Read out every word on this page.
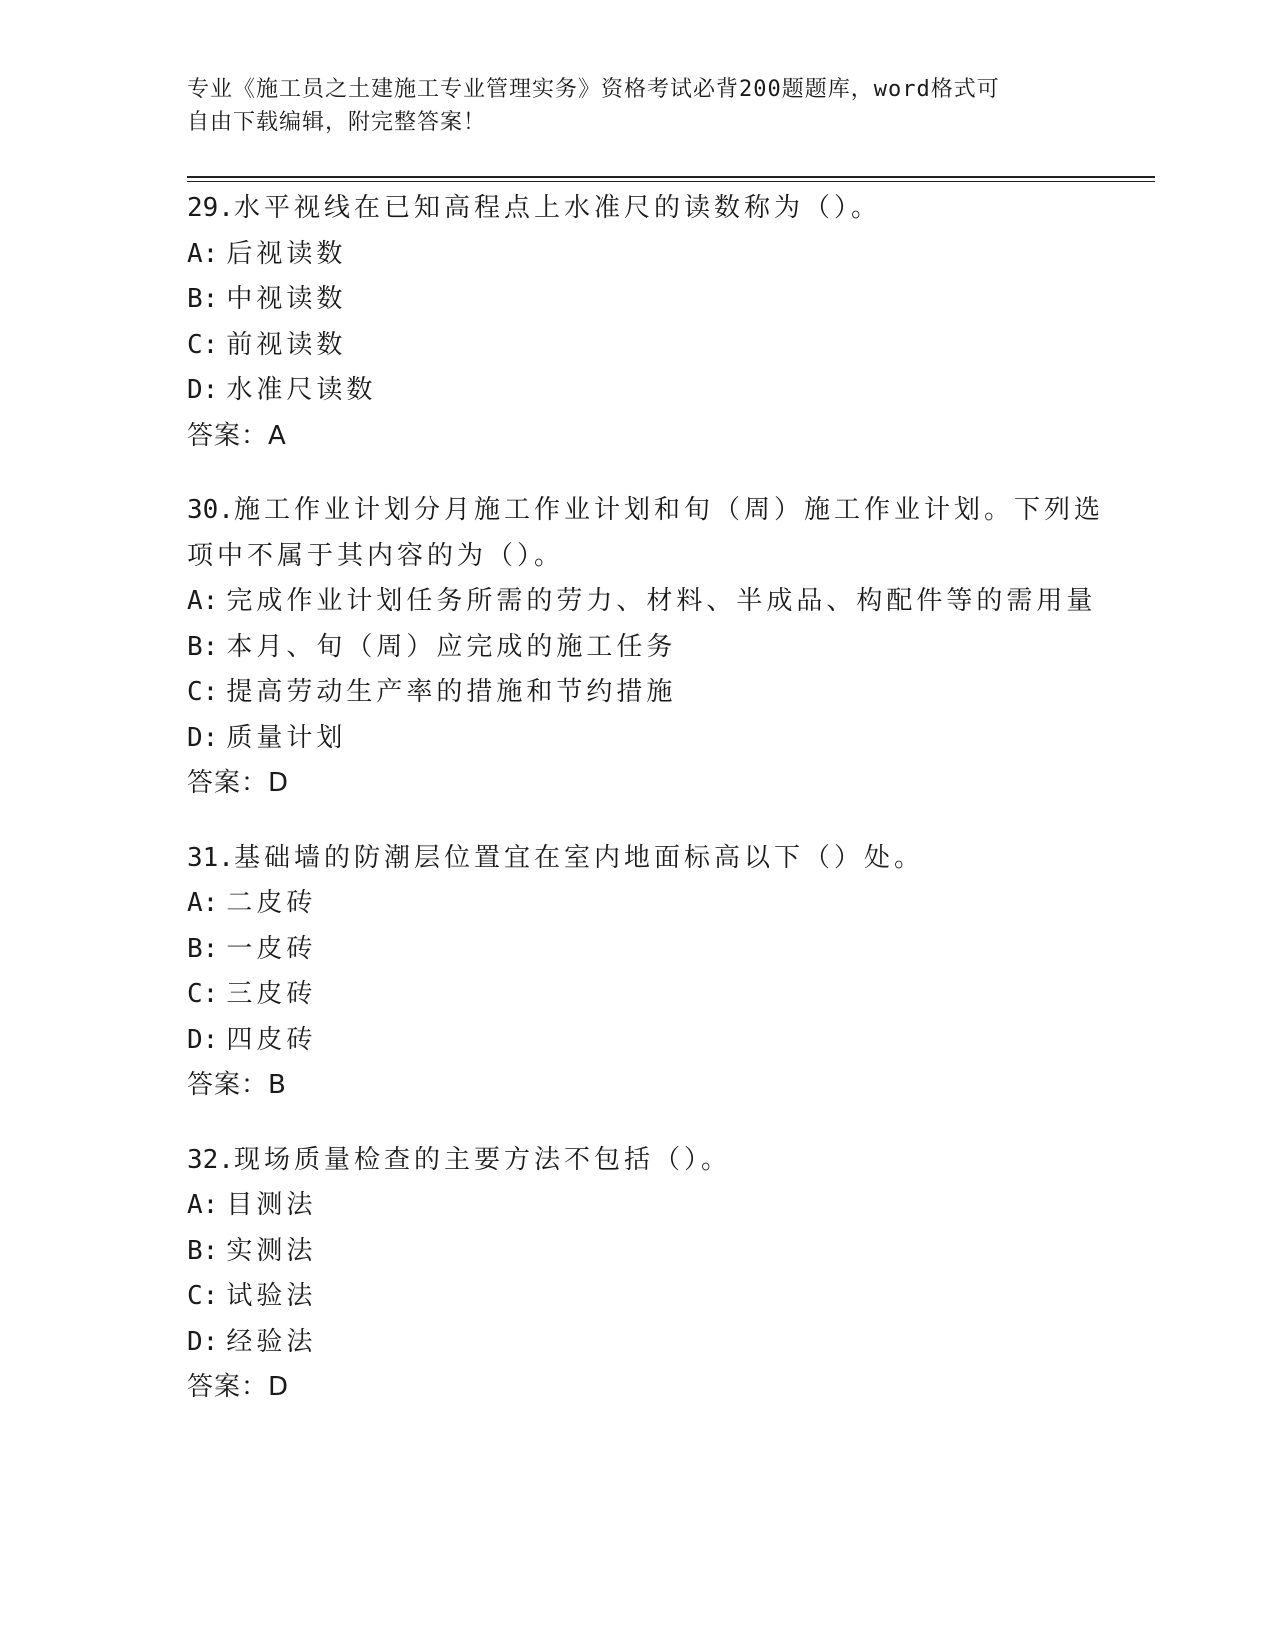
专业《施工员之土建施工专业管理实务》资格考试必背200题题库，word格式可
自由下载编辑，附完整答案！
29.水平视线在已知高程点上水准尺的读数称为（）。
A: 后视读数
B: 中视读数
C: 前视读数
D: 水准尺读数
答案：A
30.施工作业计划分月施工作业计划和旬（周）施工作业计划。下列选
项中不属于其内容的为（）。
A: 完成作业计划任务所需的劳力、材料、半成品、构配件等的需用量
B: 本月、旬（周）应完成的施工任务
C: 提高劳动生产率的措施和节约措施
D: 质量计划
答案：D
31.基础墙的防潮层位置宜在室内地面标高以下（）处。
A: 二皮砖
B: 一皮砖
C: 三皮砖
D: 四皮砖
答案：B
32.现场质量检查的主要方法不包括（）。
A: 目测法
B: 实测法
C: 试验法
D: 经验法
答案：D
